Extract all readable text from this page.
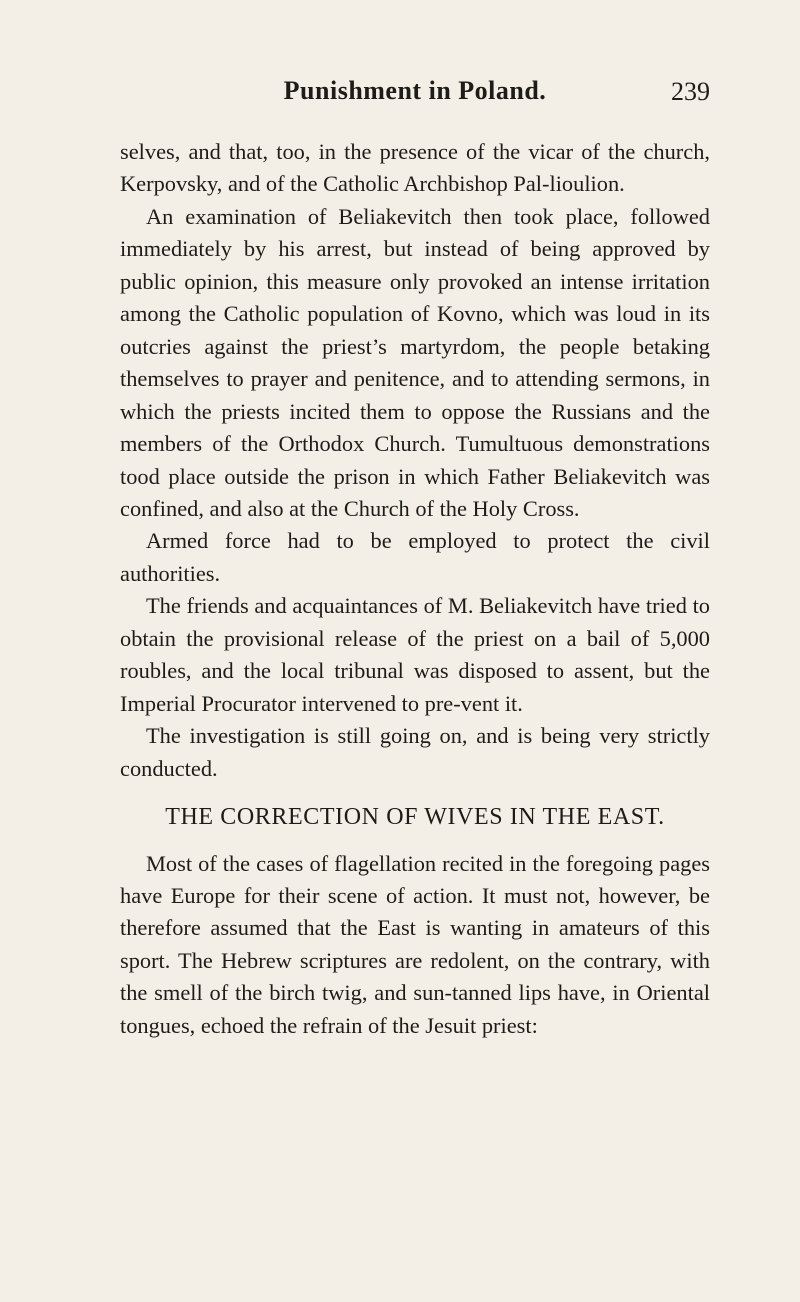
Punishment in Poland.	239

selves, and that, too, in the presence of the vicar of the church, Kerpovsky, and of the Catholic Archbishop Pal-lioulion.

An examination of Beliakevitch then took place, followed immediately by his arrest, but instead of being approved by public opinion, this measure only provoked an intense irritation among the Catholic population of Kovno, which was loud in its outcries against the priest’s martyrdom, the people betaking themselves to prayer and penitence, and to attending sermons, in which the priests incited them to oppose the Russians and the members of the Orthodox Church. Tumultuous demonstrations tood place outside the prison in which Father Beliakevitch was confined, and also at the Church of the Holy Cross.

Armed force had to be employed to protect the civil authorities.

The friends and acquaintances of M. Beliakevitch have tried to obtain the provisional release of the priest on a bail of 5,000 roubles, and the local tribunal was disposed to assent, but the Imperial Procurator intervened to pre-vent it.

The investigation is still going on, and is being very strictly conducted.

THE CORRECTION OF WIVES IN THE EAST.

Most of the cases of flagellation recited in the foregoing pages have Europe for their scene of action. It must not, however, be therefore assumed that the East is wanting in amateurs of this sport. The Hebrew scriptures are redolent, on the contrary, with the smell of the birch twig, and sun-tanned lips have, in Oriental tongues, echoed the refrain of the Jesuit priest:
